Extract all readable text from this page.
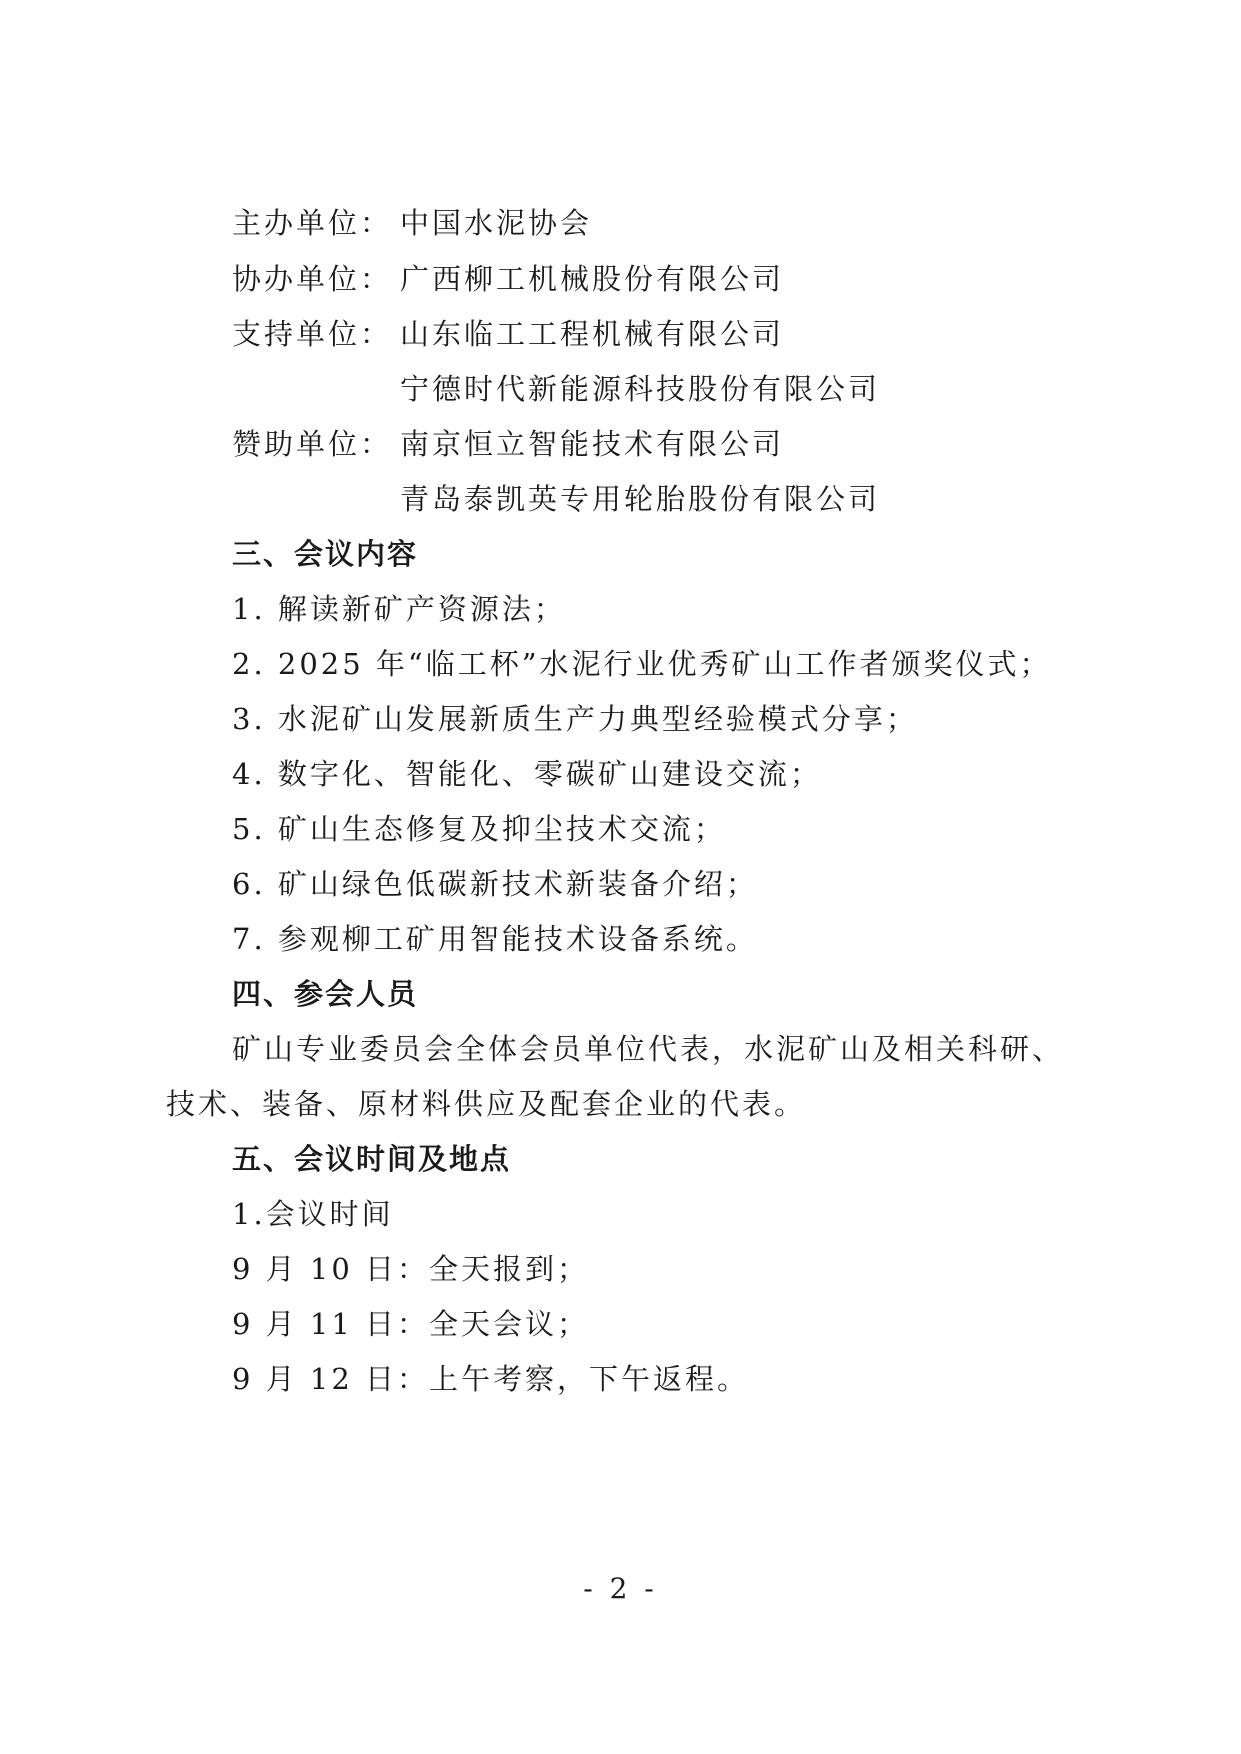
主办单位： 中国水泥协会
协办单位： 广西柳工机械股份有限公司
支持单位： 山东临工工程机械有限公司
宁德时代新能源科技股份有限公司
赞助单位： 南京恒立智能技术有限公司
青岛泰凯英专用轮胎股份有限公司
三、会议内容
1. 解读新矿产资源法；
2. 2025 年“临工杯”水泥行业优秀矿山工作者颁奖仪式；
3. 水泥矿山发展新质生产力典型经验模式分享；
4. 数字化、智能化、零碳矿山建设交流；
5. 矿山生态修复及抑尘技术交流；
6. 矿山绿色低碳新技术新装备介绍；
7. 参观柳工矿用智能技术设备系统。
四、参会人员
矿山专业委员会全体会员单位代表，水泥矿山及相关科研、
技术、装备、原材料供应及配套企业的代表。
五、会议时间及地点
1.会议时间
9 月 10 日：全天报到；
9 月 11 日：全天会议；
9 月 12 日：上午考察，下午返程。
- 2 -
